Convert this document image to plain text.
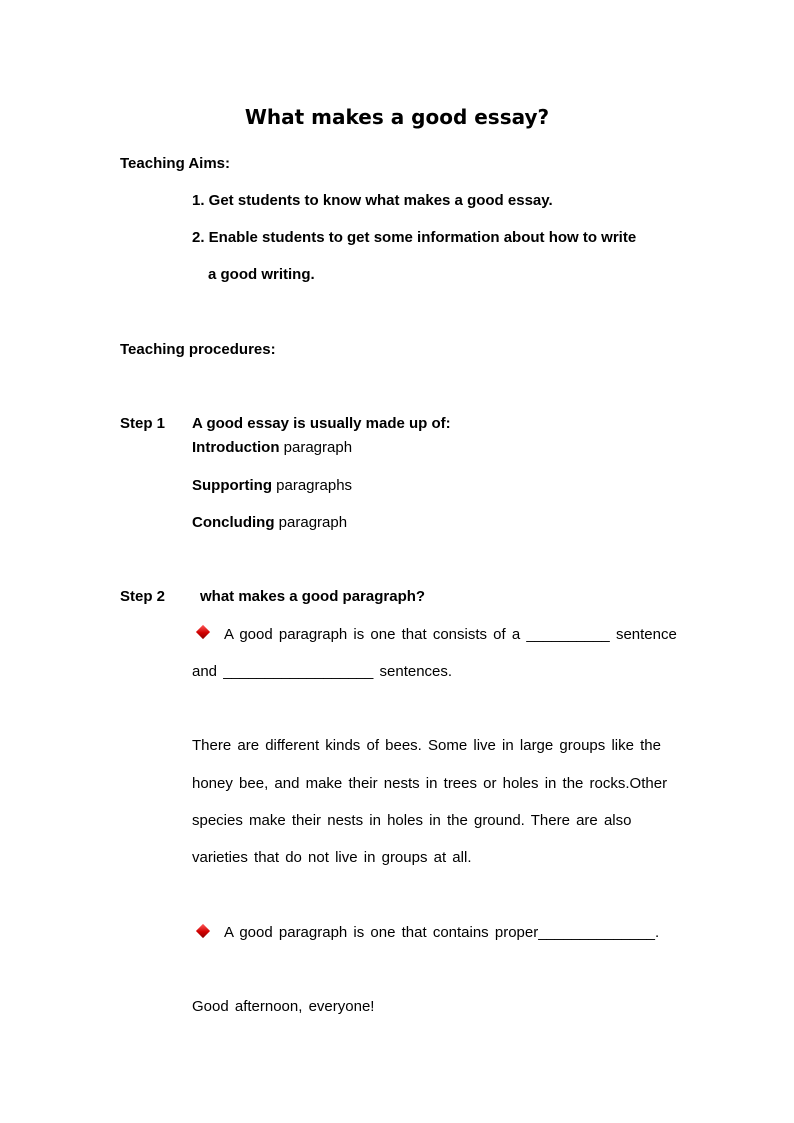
What makes a good essay?
Teaching Aims:
1. Get students to know what makes a good essay.
2. Enable students to get some information about how to write
a good writing.
Teaching procedures:
Step 1 A good essay is usually made up of:
Introduction paragraph
Supporting paragraphs
Concluding paragraph
Step 2 what makes a good paragraph?
A good paragraph is one that consists of a __________ sentence
and __________________ sentences.
There are different kinds of bees. Some live in large groups like the
honey bee, and make their nests in trees or holes in the rocks.Other
species make their nests in holes in the ground. There are also
varieties that do not live in groups at all.
A good paragraph is one that contains proper______________.
Good afternoon, everyone!
